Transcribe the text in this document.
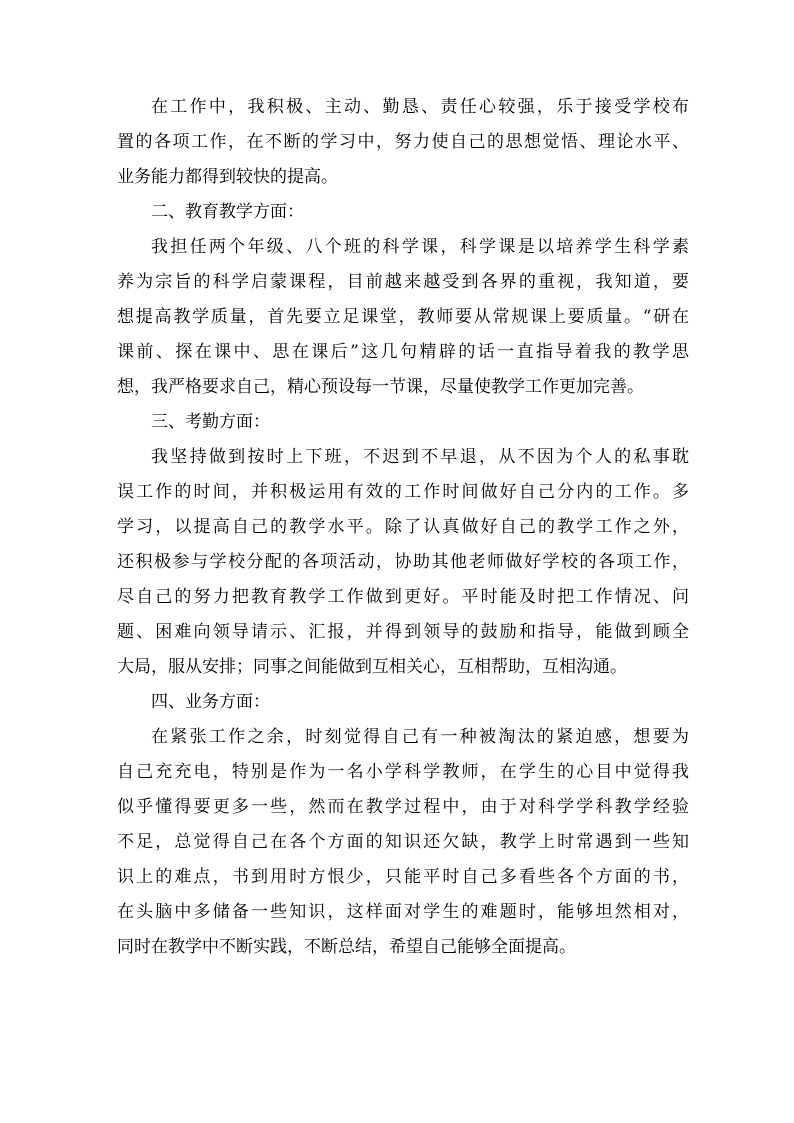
在工作中，我积极、主动、勤恳、责任心较强，乐于接受学校布
置的各项工作，在不断的学习中，努力使自己的思想觉悟、理论水平、
业务能力都得到较快的提高。
二、教育教学方面：
我担任两个年级、八个班的科学课，科学课是以培养学生科学素
养为宗旨的科学启蒙课程，目前越来越受到各界的重视，我知道，要
想提高教学质量，首先要立足课堂，教师要从常规课上要质量。“研在
课前、探在课中、思在课后”这几句精辟的话一直指导着我的教学思
想，我严格要求自己，精心预设每一节课，尽量使教学工作更加完善。
三、考勤方面：
我坚持做到按时上下班，不迟到不早退，从不因为个人的私事耽
误工作的时间，并积极运用有效的工作时间做好自己分内的工作。多
学习，以提高自己的教学水平。除了认真做好自己的教学工作之外，
还积极参与学校分配的各项活动，协助其他老师做好学校的各项工作，
尽自己的努力把教育教学工作做到更好。平时能及时把工作情况、问
题、困难向领导请示、汇报，并得到领导的鼓励和指导，能做到顾全
大局，服从安排；同事之间能做到互相关心，互相帮助，互相沟通。
四、业务方面：
在紧张工作之余，时刻觉得自己有一种被淘汰的紧迫感，想要为
自己充充电，特别是作为一名小学科学教师，在学生的心目中觉得我
似乎懂得要更多一些，然而在教学过程中，由于对科学学科教学经验
不足，总觉得自己在各个方面的知识还欠缺，教学上时常遇到一些知
识上的难点，书到用时方恨少，只能平时自己多看些各个方面的书，
在头脑中多储备一些知识，这样面对学生的难题时，能够坦然相对，
同时在教学中不断实践，不断总结，希望自己能够全面提高。
